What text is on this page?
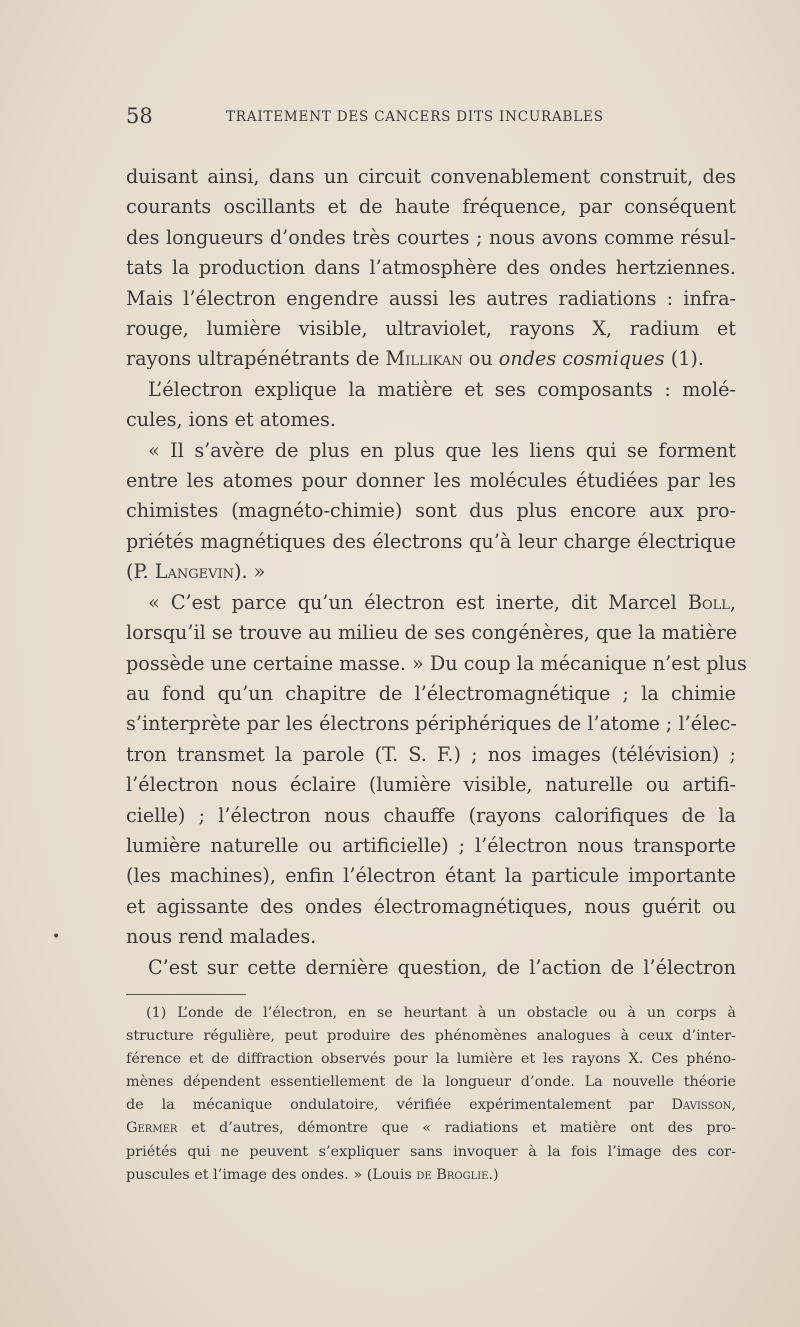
58	TRAITEMENT DES CANCERS DITS INCURABLES
•
duisant ainsi, dans un circuit convenablement construit, des
courants oscillants et de haute fréquence, par conséquent
des longueurs d’ondes très courtes ; nous avons comme résul-
tats la production dans l’atmosphère des ondes hertziennes.
Mais l’électron engendre aussi les autres radiations : infra-
rouge, lumière visible, ultraviolet, rayons X, radium et
rayons ultrapénétrants de Millikan ou ondes cosmiques (1).
L’électron explique la matière et ses composants : molé-
cules, ions et atomes.
« Il s’avère de plus en plus que les liens qui se forment
entre les atomes pour donner les molécules étudiées par les
chimistes (magnéto-chimie) sont dus plus encore aux pro-
priétés magnétiques des électrons qu’à leur charge électrique
(P. Langevin). »
« C’est parce qu’un électron est inerte, dit Marcel Boll,
lorsqu’il se trouve au milieu de ses congénères, que la matière
possède une certaine masse. » Du coup la mécanique n’est plus
au fond qu’un chapitre de l’électromagnétique ; la chimie
s’interprète par les électrons périphériques de l’atome ; l’élec-
tron transmet la parole (T. S. F.) ; nos images (télévision) ;
l’électron nous éclaire (lumière visible, naturelle ou artifi-
cielle) ; l’électron nous chauffe (rayons calorifiques de la
lumière naturelle ou artificielle) ; l’électron nous transporte
(les machines), enfin l’électron étant la particule importante
et agissante des ondes électromagnétiques, nous guérit ou
nous rend malades.
C’est sur cette dernière question, de l’action de l’électron
(1) L’onde de l’électron, en se heurtant à un obstacle ou à un corps à
structure régulière, peut produire des phénomènes analogues à ceux d’inter-
férence et de diffraction observés pour la lumière et les rayons X. Ces phéno-
mènes dépendent essentiellement de la longueur d’onde. La nouvelle théorie
de la mécanique ondulatoire, vérifiée expérimentalement par Davisson,
Germer et d’autres, démontre que « radiations et matière ont des pro-
priétés qui ne peuvent s’expliquer sans invoquer à la fois l’image des cor-
puscules et l’image des ondes. » (Louis de Broglie.)
